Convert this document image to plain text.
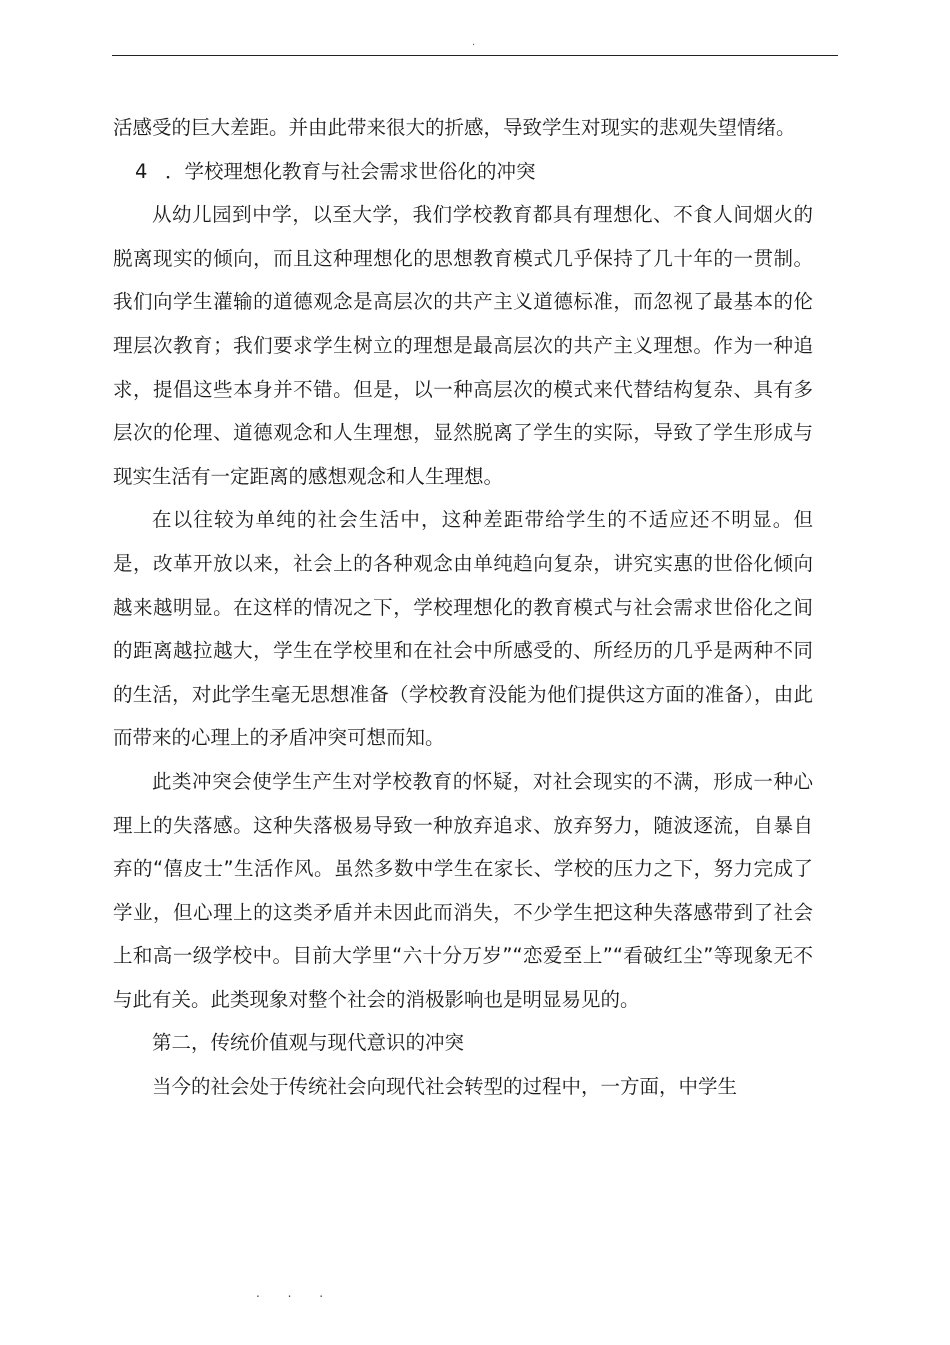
.

活感受的巨大差距。并由此带来很大的折感，导致学生对现实的悲观失望情绪。

4 ．学校理想化教育与社会需求世俗化的冲突

从幼儿园到中学，以至大学，我们学校教育都具有理想化、不食人间烟火的脱离现实的倾向，而且这种理想化的思想教育模式几乎保持了几十年的一贯制。我们向学生灌输的道德观念是高层次的共产主义道德标准，而忽视了最基本的伦理层次教育；我们要求学生树立的理想是最高层次的共产主义理想。作为一种追求，提倡这些本身并不错。但是，以一种高层次的模式来代替结构复杂、具有多层次的伦理、道德观念和人生理想，显然脱离了学生的实际，导致了学生形成与现实生活有一定距离的感想观念和人生理想。

在以往较为单纯的社会生活中，这种差距带给学生的不适应还不明显。但是，改革开放以来，社会上的各种观念由单纯趋向复杂，讲究实惠的世俗化倾向越来越明显。在这样的情况之下，学校理想化的教育模式与社会需求世俗化之间的距离越拉越大，学生在学校里和在社会中所感受的、所经历的几乎是两种不同的生活，对此学生毫无思想准备（学校教育没能为他们提供这方面的准备），由此而带来的心理上的矛盾冲突可想而知。

此类冲突会使学生产生对学校教育的怀疑，对社会现实的不满，形成一种心理上的失落感。这种失落极易导致一种放弃追求、放弃努力，随波逐流，自暴自弃的“僖皮士”生活作风。虽然多数中学生在家长、学校的压力之下，努力完成了学业，但心理上的这类矛盾并未因此而消失，不少学生把这种失落感带到了社会上和高一级学校中。目前大学里“六十分万岁”“恋爱至上”“看破红尘”等现象无不与此有关。此类现象对整个社会的消极影响也是明显易见的。

第二，传统价值观与现代意识的冲突

当今的社会处于传统社会向现代社会转型的过程中，一方面，中学生

. . .
